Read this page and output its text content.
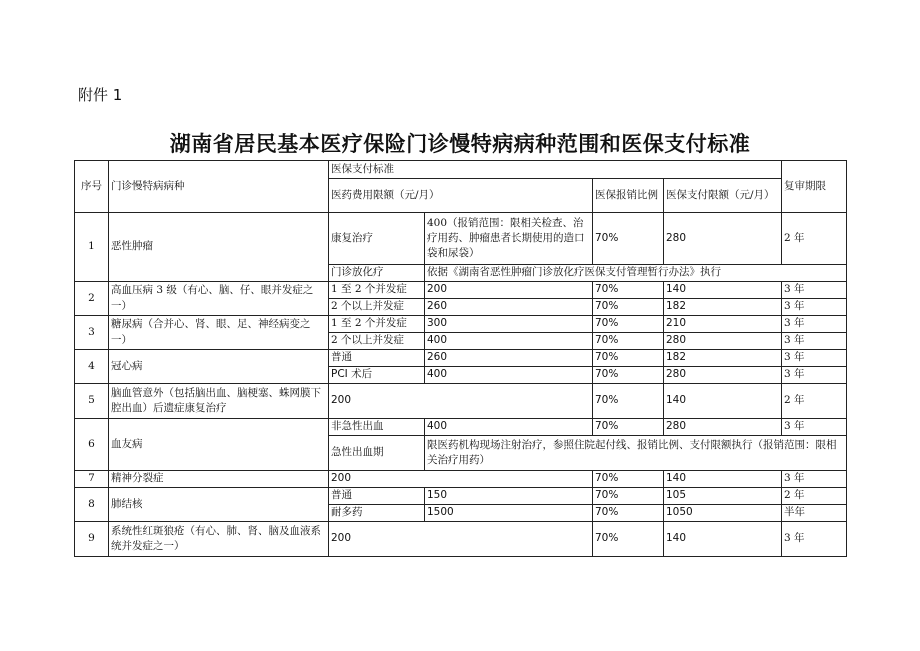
附件 1
湖南省居民基本医疗保险门诊慢特病病种范围和医保支付标准
序号	门诊慢特病病种	医保支付标准				复审期限
		医药费用限额（元/月）		医保报销比例	医保支付限额（元/月）	
1	恶性肿瘤	康复治疗	400（报销范围：限相关检查、治疗用药、肿瘤患者长期使用的造口袋和尿袋）	70%	280	2 年
		门诊放化疗	依据《湖南省恶性肿瘤门诊放化疗医保支付管理暂行办法》执行			
2	高血压病 3 级（有心、脑、仔、眼并发症之一）	1 至 2 个并发症	200	70%	140	3 年
		2 个以上并发症	260	70%	182	3 年
3	糖尿病（合并心、肾、眼、足、神经病变之一）	1 至 2 个并发症	300	70%	210	3 年
		2 个以上并发症	400	70%	280	3 年
4	冠心病	普通	260	70%	182	3 年
		PCI 术后	400	70%	280	3 年
5	脑血管意外（包括脑出血、脑梗塞、蛛网膜下腔出血）后遗症康复治疗	200		70%	140	2 年
6	血友病	非急性出血	400	70%	280	3 年
		急性出血期	限医药机构现场注射治疗，参照住院起付线、报销比例、支付限额执行（报销范围：限相关治疗用药）			
7	精神分裂症	200		70%	140	3 年
8	肺结核	普通	150	70%	105	2 年
		耐多药	1500	70%	1050	半年
9	系统性红斑狼疮（有心、肺、肾、脑及血液系统并发症之一）	200		70%	140	3 年
